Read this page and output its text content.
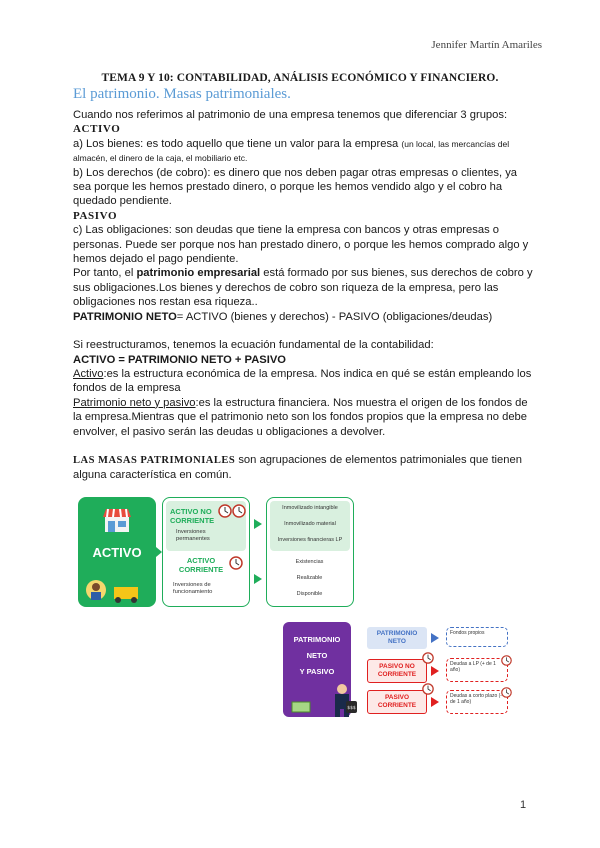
Jennifer Martín Amariles
TEMA 9 Y 10: CONTABILIDAD, ANÁLISIS ECONÓMICO Y FINANCIERO.
El patrimonio. Masas patrimoniales.

Cuando nos referimos al patrimonio de una empresa tenemos que diferenciar 3 grupos:

ACTIVO

a) Los bienes: es todo aquello que tiene un valor para la empresa (un local, las mercancías del almacén, el dinero de la caja, el mobiliario etc.

b) Los derechos (de cobro): es dinero que nos deben pagar otras empresas o clientes, ya sea porque les hemos prestado dinero, o porque les hemos vendido algo y el cobro ha quedado pendiente.

PASIVO

c) Las obligaciones: son deudas que tiene la empresa con bancos y otras empresas o personas. Puede ser porque nos han prestado dinero, o porque les hemos comprado algo y hemos dejado el pago pendiente.

Por tanto, el patrimonio empresarial está formado por sus bienes, sus derechos de cobro y sus obligaciones.Los bienes y derechos de cobro son riqueza de la empresa, pero las obligaciones nos restan esa riqueza..

PATRIMONIO NETO= ACTIVO (bienes y derechos) - PASIVO (obligaciones/deudas)

Si reestructuramos, tenemos la ecuación fundamental de la contabilidad:

ACTIVO = PATRIMONIO NETO + PASIVO

Activo:es la estructura económica de la empresa. Nos indica en qué se están empleando los fondos de la empresa

Patrimonio neto y pasivo:es la estructura financiera. Nos muestra el origen de los fondos de la empresa.Mientras que el patrimonio neto son los fondos propios que la empresa no debe envolver, el pasivo serán las deudas u obligaciones a devolver.

LAS MASAS PATRIMONIALES son agrupaciones de elementos patrimoniales que tienen alguna característica en común.

ACTIVO
ACTIVO NO CORRIENTE
Inversiones permanentes
ACTIVO CORRIENTE
Inversiones de funcionamiento
Inmovilizado intangible
Inmovilizado material
Inversiones financieras LP
Existencias
Realizable
Disponible
PATRIMONIO
NETO
Y PASIVO
$$$
PATRIMONIO NETO
PASIVO NO CORRIENTE
PASIVO CORRIENTE
Fondos propios
Deudas a LP (+ de 1 año)
Deudas a corto plazo (- de 1 año)
1
